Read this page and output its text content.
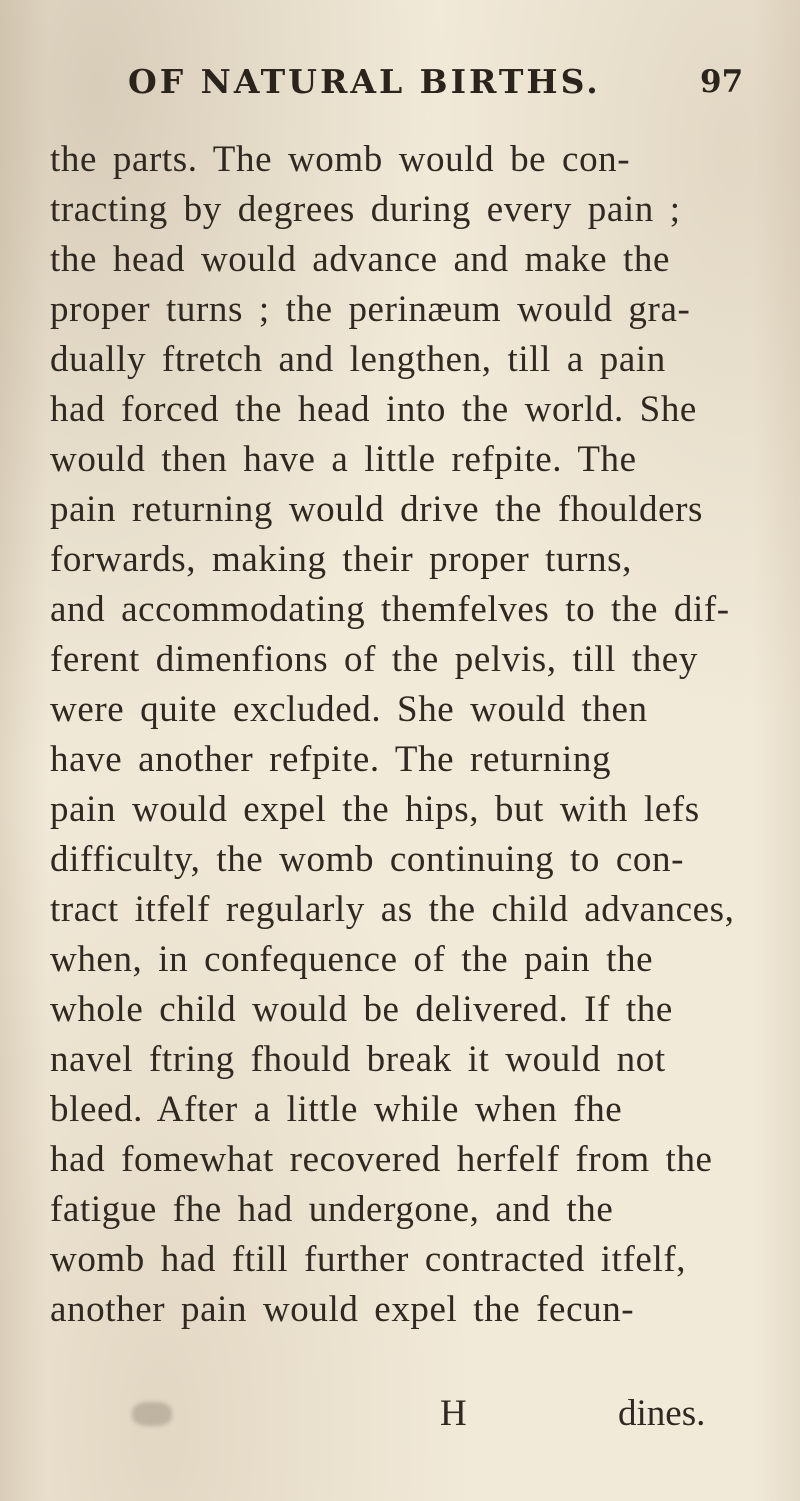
OF NATURAL BIRTHS.	97
the parts. The womb would be con-
tracting by degrees during every pain ;
the head would advance and make the
proper turns ; the perinæum would gra-
dually ftretch and lengthen, till a pain
had forced the head into the world. She
would then have a little refpite. The
pain returning would drive the fhoulders
forwards, making their proper turns,
and accommodating themfelves to the dif-
ferent dimenfions of the pelvis, till they
were quite excluded. She would then
have another refpite. The returning
pain would expel the hips, but with lefs
difficulty, the womb continuing to con-
tract itfelf regularly as the child advances,
when, in confequence of the pain the
whole child would be delivered. If the
navel ftring fhould break it would not
bleed. After a little while when fhe
had fomewhat recovered herfelf from the
fatigue fhe had undergone, and the
womb had ftill further contracted itfelf,
another pain would expel the fecun-
H	dines.
